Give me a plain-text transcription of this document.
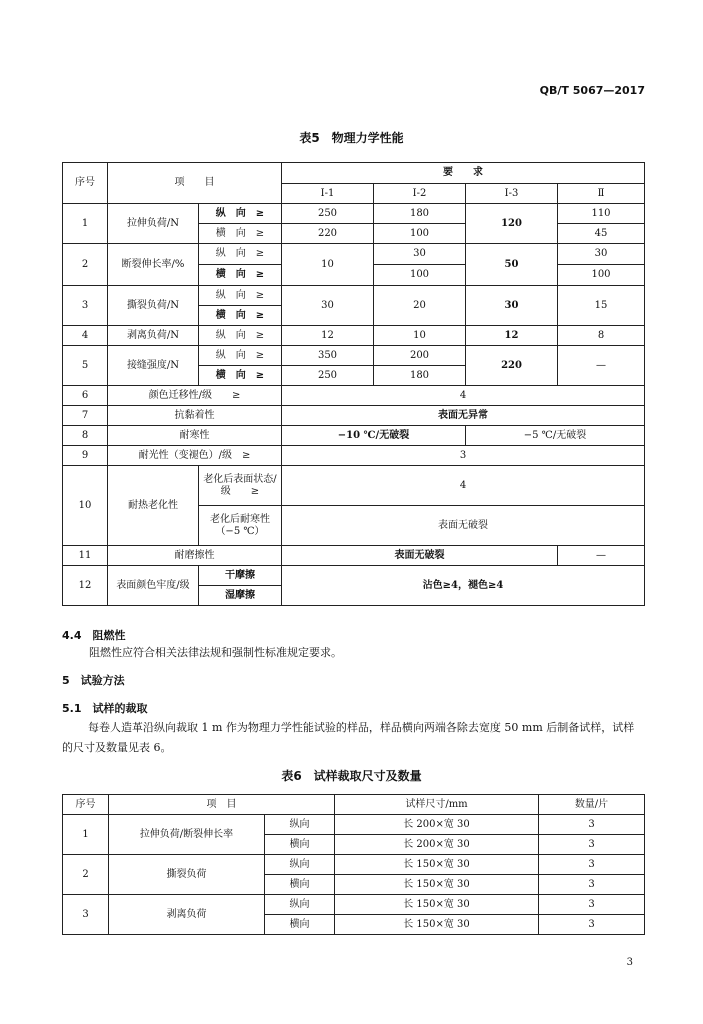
QB/T 5067—2017
表5　物理力学性能
序号	项　　目		要　　求			
			Ⅰ-1	Ⅰ-2	Ⅰ-3	Ⅱ
1	拉伸负荷/N	纵　向　≥	250	180	120	110
		横　向　≥	220	100		45
2	断裂伸长率/%	纵　向　≥	10	30	50	30
		横　向　≥		100		100
3	撕裂负荷/N	纵　向　≥	30	20	30	15
		横　向　≥				
4	剥离负荷/N	纵　向　≥	12	10	12	8
5	接缝强度/N	纵　向　≥	350	200	220	—
		横　向　≥	250	180		
6	颜色迁移性/级　　≥		4			
7	抗黏着性		表面无异常			
8	耐寒性		−10 ℃/无破裂		−5 ℃/无破裂	
9	耐光性（变褪色）/级　≥		3			
10	耐热老化性	老化后表面状态/级　　≥	4			
		老化后耐寒性（−5 ℃）	表面无破裂			
11	耐磨擦性		表面无破裂			—
12	表面颜色牢度/级	干摩擦	沾色≥4，褪色≥4			
		湿摩擦				
4.4　阻燃性
阻燃性应符合相关法律法规和强制性标准规定要求。
5　试验方法
5.1　试样的裁取
每卷人造革沿纵向裁取 1 m 作为物理力学性能试验的样品，样品横向两端各除去宽度 50 mm 后制备试样，试样的尺寸及数量见表 6。
表6　试样裁取尺寸及数量
序号	项　目		试样尺寸/mm	数量/片
1	拉伸负荷/断裂伸长率	纵向	长 200×宽 30	3
		横向	长 200×宽 30	3
2	撕裂负荷	纵向	长 150×宽 30	3
		横向	长 150×宽 30	3
3	剥离负荷	纵向	长 150×宽 30	3
		横向	长 150×宽 30	3
3
